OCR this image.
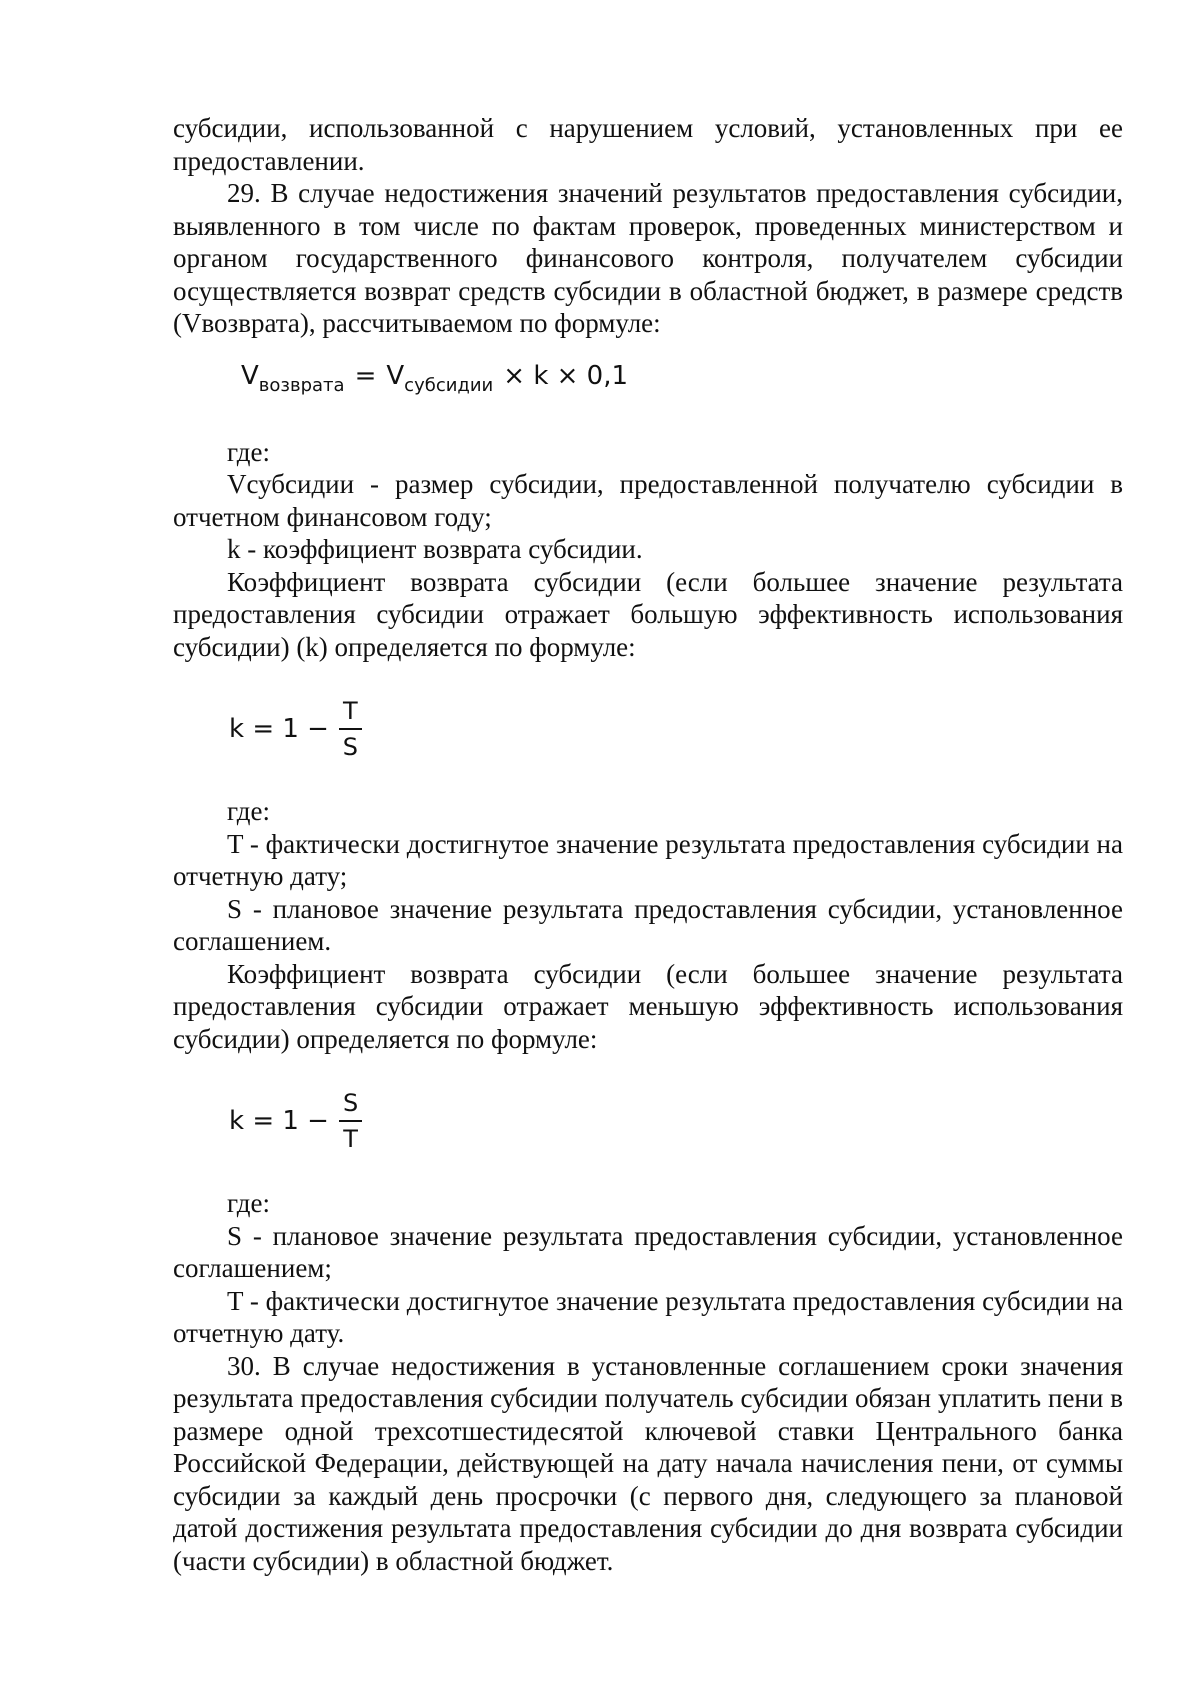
субсидии, использованной с нарушением условий, установленных при ее предоставлении.

29. В случае недостижения значений результатов предоставления субсидии, выявленного в том числе по фактам проверок, проведенных министерством и органом государственного финансового контроля, получателем субсидии осуществляется возврат средств субсидии в областной бюджет, в размере средств (Vвозврата), рассчитываемом по формуле:

$V_{возврата} = V_{субсидии} \times k \times 0,1$

где:

Vсубсидии - размер субсидии, предоставленной получателю субсидии в отчетном финансовом году;

k - коэффициент возврата субсидии.

Коэффициент возврата субсидии (если большее значение результата предоставления субсидии отражает большую эффективность использования субсидии) (k) определяется по формуле:

$k = 1 - \frac{T}{S}$

где:

T - фактически достигнутое значение результата предоставления субсидии на отчетную дату;

S - плановое значение результата предоставления субсидии, установленное соглашением.

Коэффициент возврата субсидии (если большее значение результата предоставления субсидии отражает меньшую эффективность использования субсидии) определяется по формуле:

$k = 1 - \frac{S}{T}$

где:

S - плановое значение результата предоставления субсидии, установленное соглашением;

T - фактически достигнутое значение результата предоставления субсидии на отчетную дату.

30. В случае недостижения в установленные соглашением сроки значения результата предоставления субсидии получатель субсидии обязан уплатить пени в размере одной трехсотшестидесятой ключевой ставки Центрального банка Российской Федерации, действующей на дату начала начисления пени, от суммы субсидии за каждый день просрочки (с первого дня, следующего за плановой датой достижения результата предоставления субсидии до дня возврата субсидии (части субсидии) в областной бюджет.
